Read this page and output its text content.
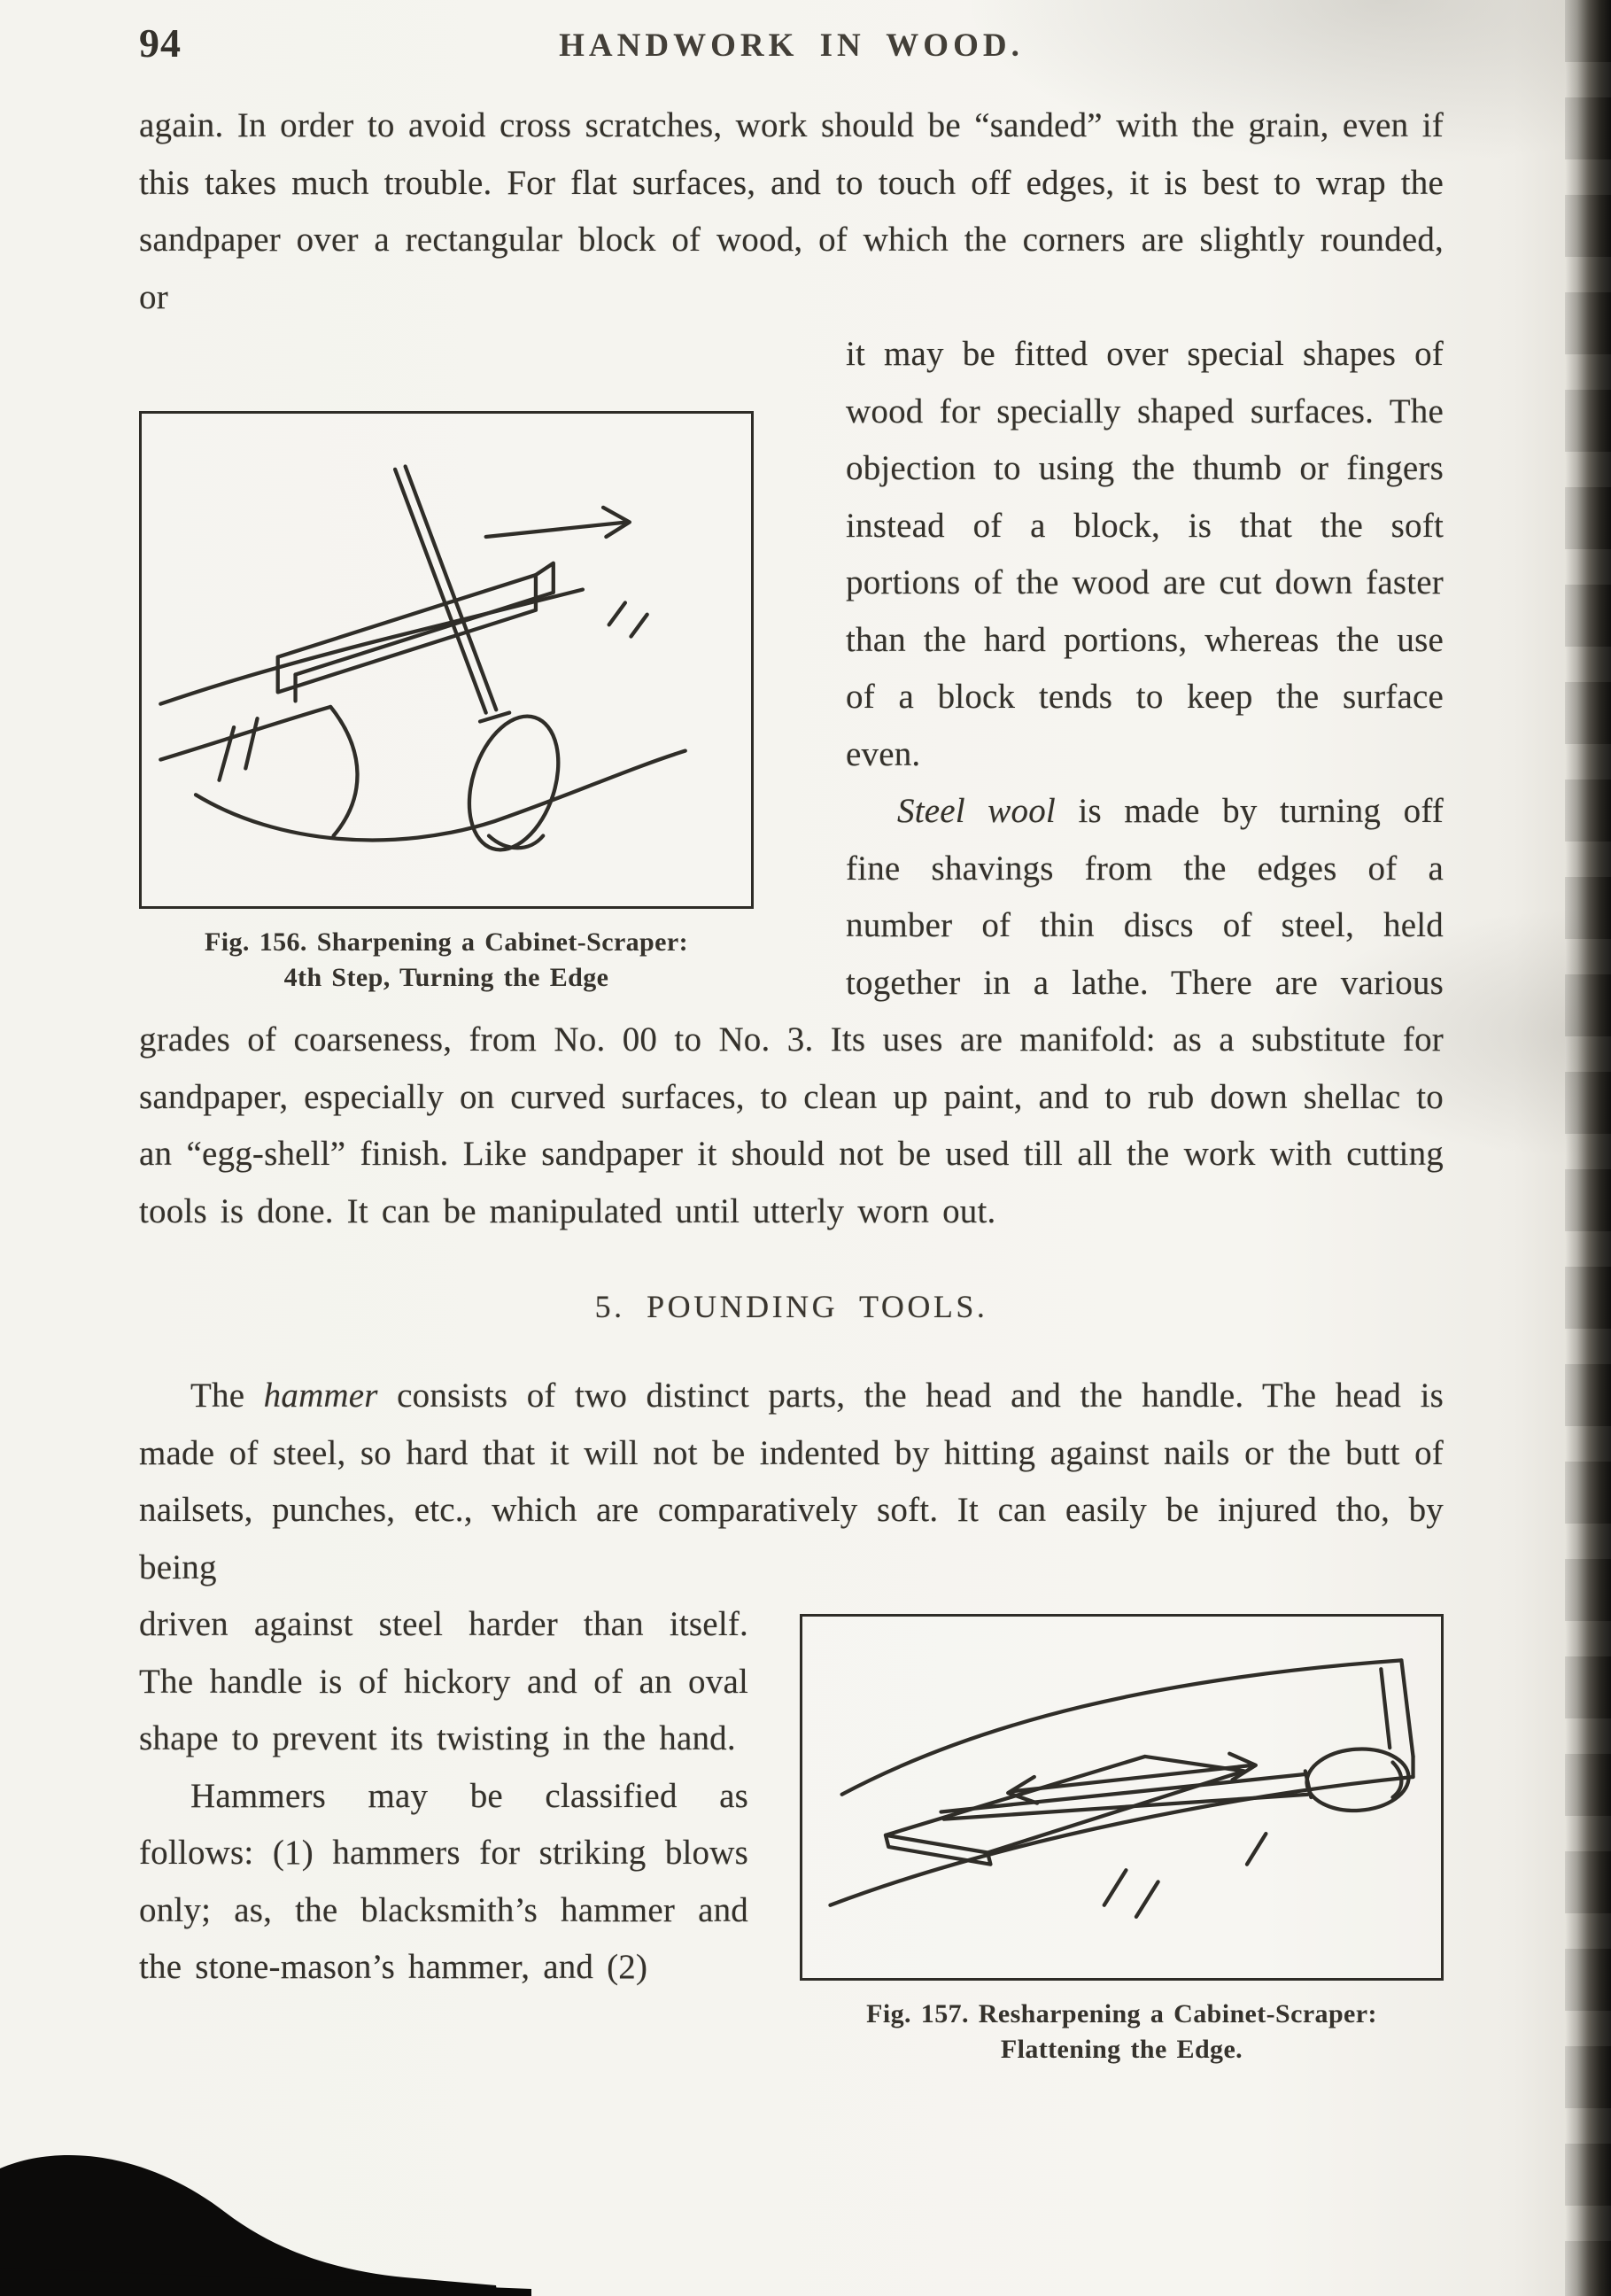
94	HANDWORK IN WOOD.

again. In order to avoid cross scratches, work should be “sanded” with the grain, even if this takes much trouble. For flat surfaces, and to touch off edges, it is best to wrap the sandpaper over a rectangular block of wood, of which the corners are slightly rounded, or

Fig. 156. Sharpening a Cabinet-Scraper:
4th Step, Turning the Edge

it may be fitted over special shapes of wood for specially shaped surfaces. The objection to using the thumb or fingers instead of a block, is that the soft portions of the wood are cut down faster than the hard portions, whereas the use of a block tends to keep the surface even.

Steel wool is made by turning off fine shavings from the edges of a number of thin discs of steel, held together in a lathe. There are various grades of coarseness, from No. 00 to No. 3. Its uses are manifold: as a substitute for sandpaper, especially on curved surfaces, to clean up paint, and to rub down shellac to an “egg-shell” finish. Like sandpaper it should not be used till all the work with cutting tools is done. It can be manipulated until utterly worn out.

5. POUNDING TOOLS.

The hammer consists of two distinct parts, the head and the handle. The head is made of steel, so hard that it will not be indented by hitting against nails or the butt of nailsets, punches, etc., which are comparatively soft. It can easily be injured tho, by being

Fig. 157. Resharpening a Cabinet-Scraper:
Flattening the Edge.

driven against steel harder than itself. The handle is of hickory and of an oval shape to prevent its twisting in the hand.

Hammers may be classified as follows: (1) hammers for striking blows only; as, the blacksmith’s hammer and the stone-mason’s hammer, and (2)
